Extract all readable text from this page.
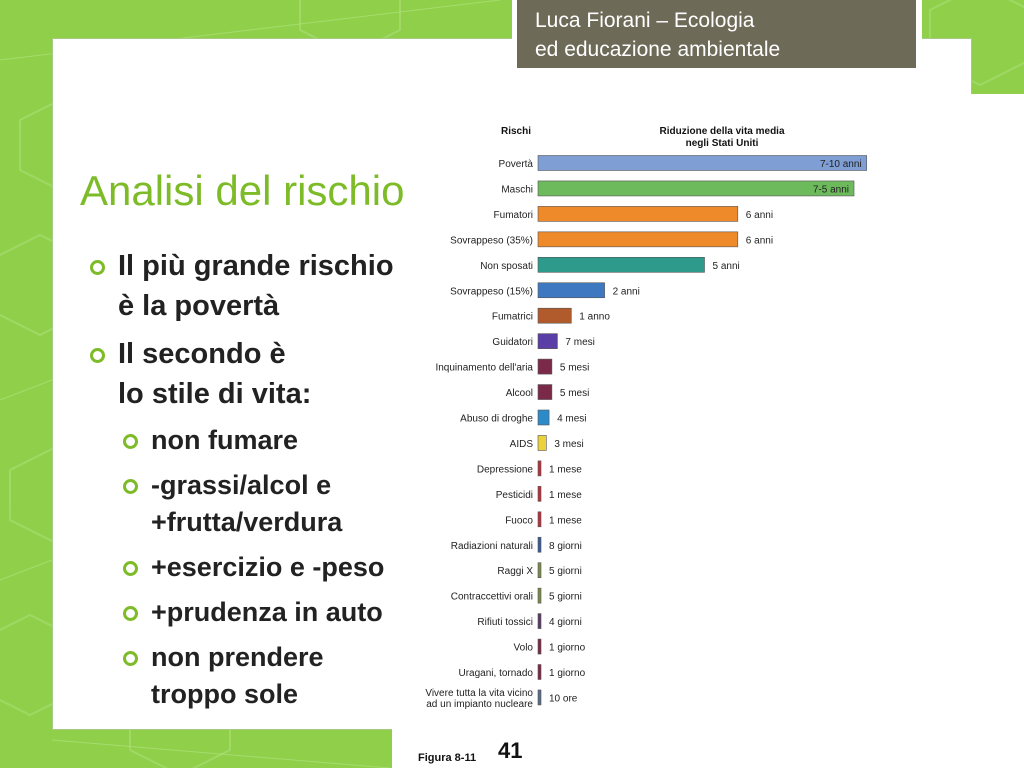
Luca Fiorani – Ecologia
ed educazione ambientale
Analisi del rischio
Il più grande rischio
è la povertà
Il secondo è
lo stile di vita:
non fumare
-grassi/alcol e
+frutta/verdura
+esercizio e -peso
+prudenza in auto
non prendere
troppo sole
Rischi	Riduzione della vita media
negli Stati Uniti
Povertà	7-10 anni
Maschi	7-5 anni
Fumatori	6 anni
Sovrappeso (35%)	6 anni
Non sposati	5 anni
Sovrappeso (15%)	2 anni
Fumatrici	1 anno
Guidatori	7 mesi
Inquinamento dell'aria	5 mesi
Alcool	5 mesi
Abuso di droghe 4 mesi
AIDS 3 mesi
Depressione 1 mese
Pesticidi 1 mese
Fuoco 1 mese
Radiazioni naturali 8 giorni
Raggi X 5 giorni
Contraccettivi orali 5 giorni
Rifiuti tossici 4 giorni
Volo 1 giorno
Uragani, tornado 1 giorno
Vivere tutta la vita vicino
ad un impianto nucleare 10 ore
Figura 8-11 41
